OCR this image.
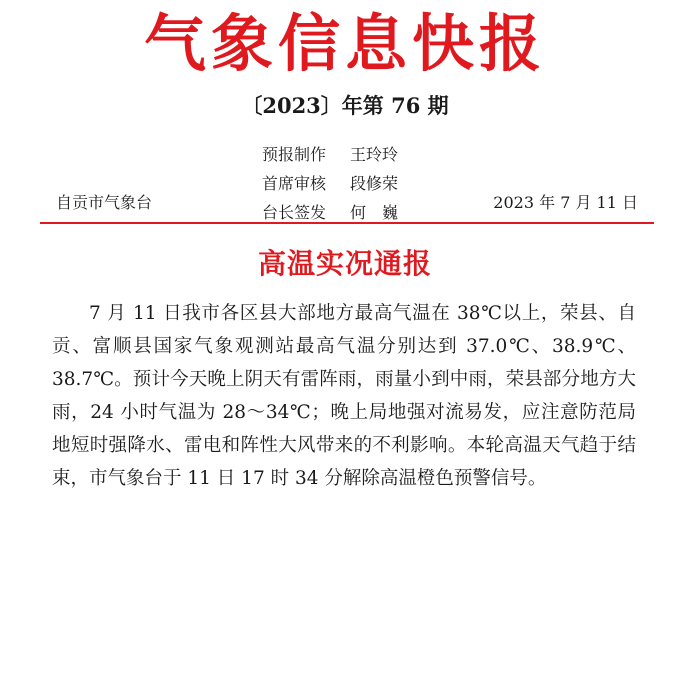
气象信息快报
〔2023〕年第 76 期
预报制作 王玲玲
首席审核 段修荣
台长签发 何　巍
自贡市气象台	2023 年 7 月 11 日
高温实况通报

7 月 11 日我市各区县大部地方最高气温在 38℃以上，荣县、自贡、富顺县国家气象观测站最高气温分别达到 37.0℃、38.9℃、38.7℃。预计今天晚上阴天有雷阵雨，雨量小到中雨，荣县部分地方大雨，24 小时气温为 28～34℃；晚上局地强对流易发，应注意防范局地短时强降水、雷电和阵性大风带来的不利影响。本轮高温天气趋于结束，市气象台于 11 日 17 时 34 分解除高温橙色预警信号。
